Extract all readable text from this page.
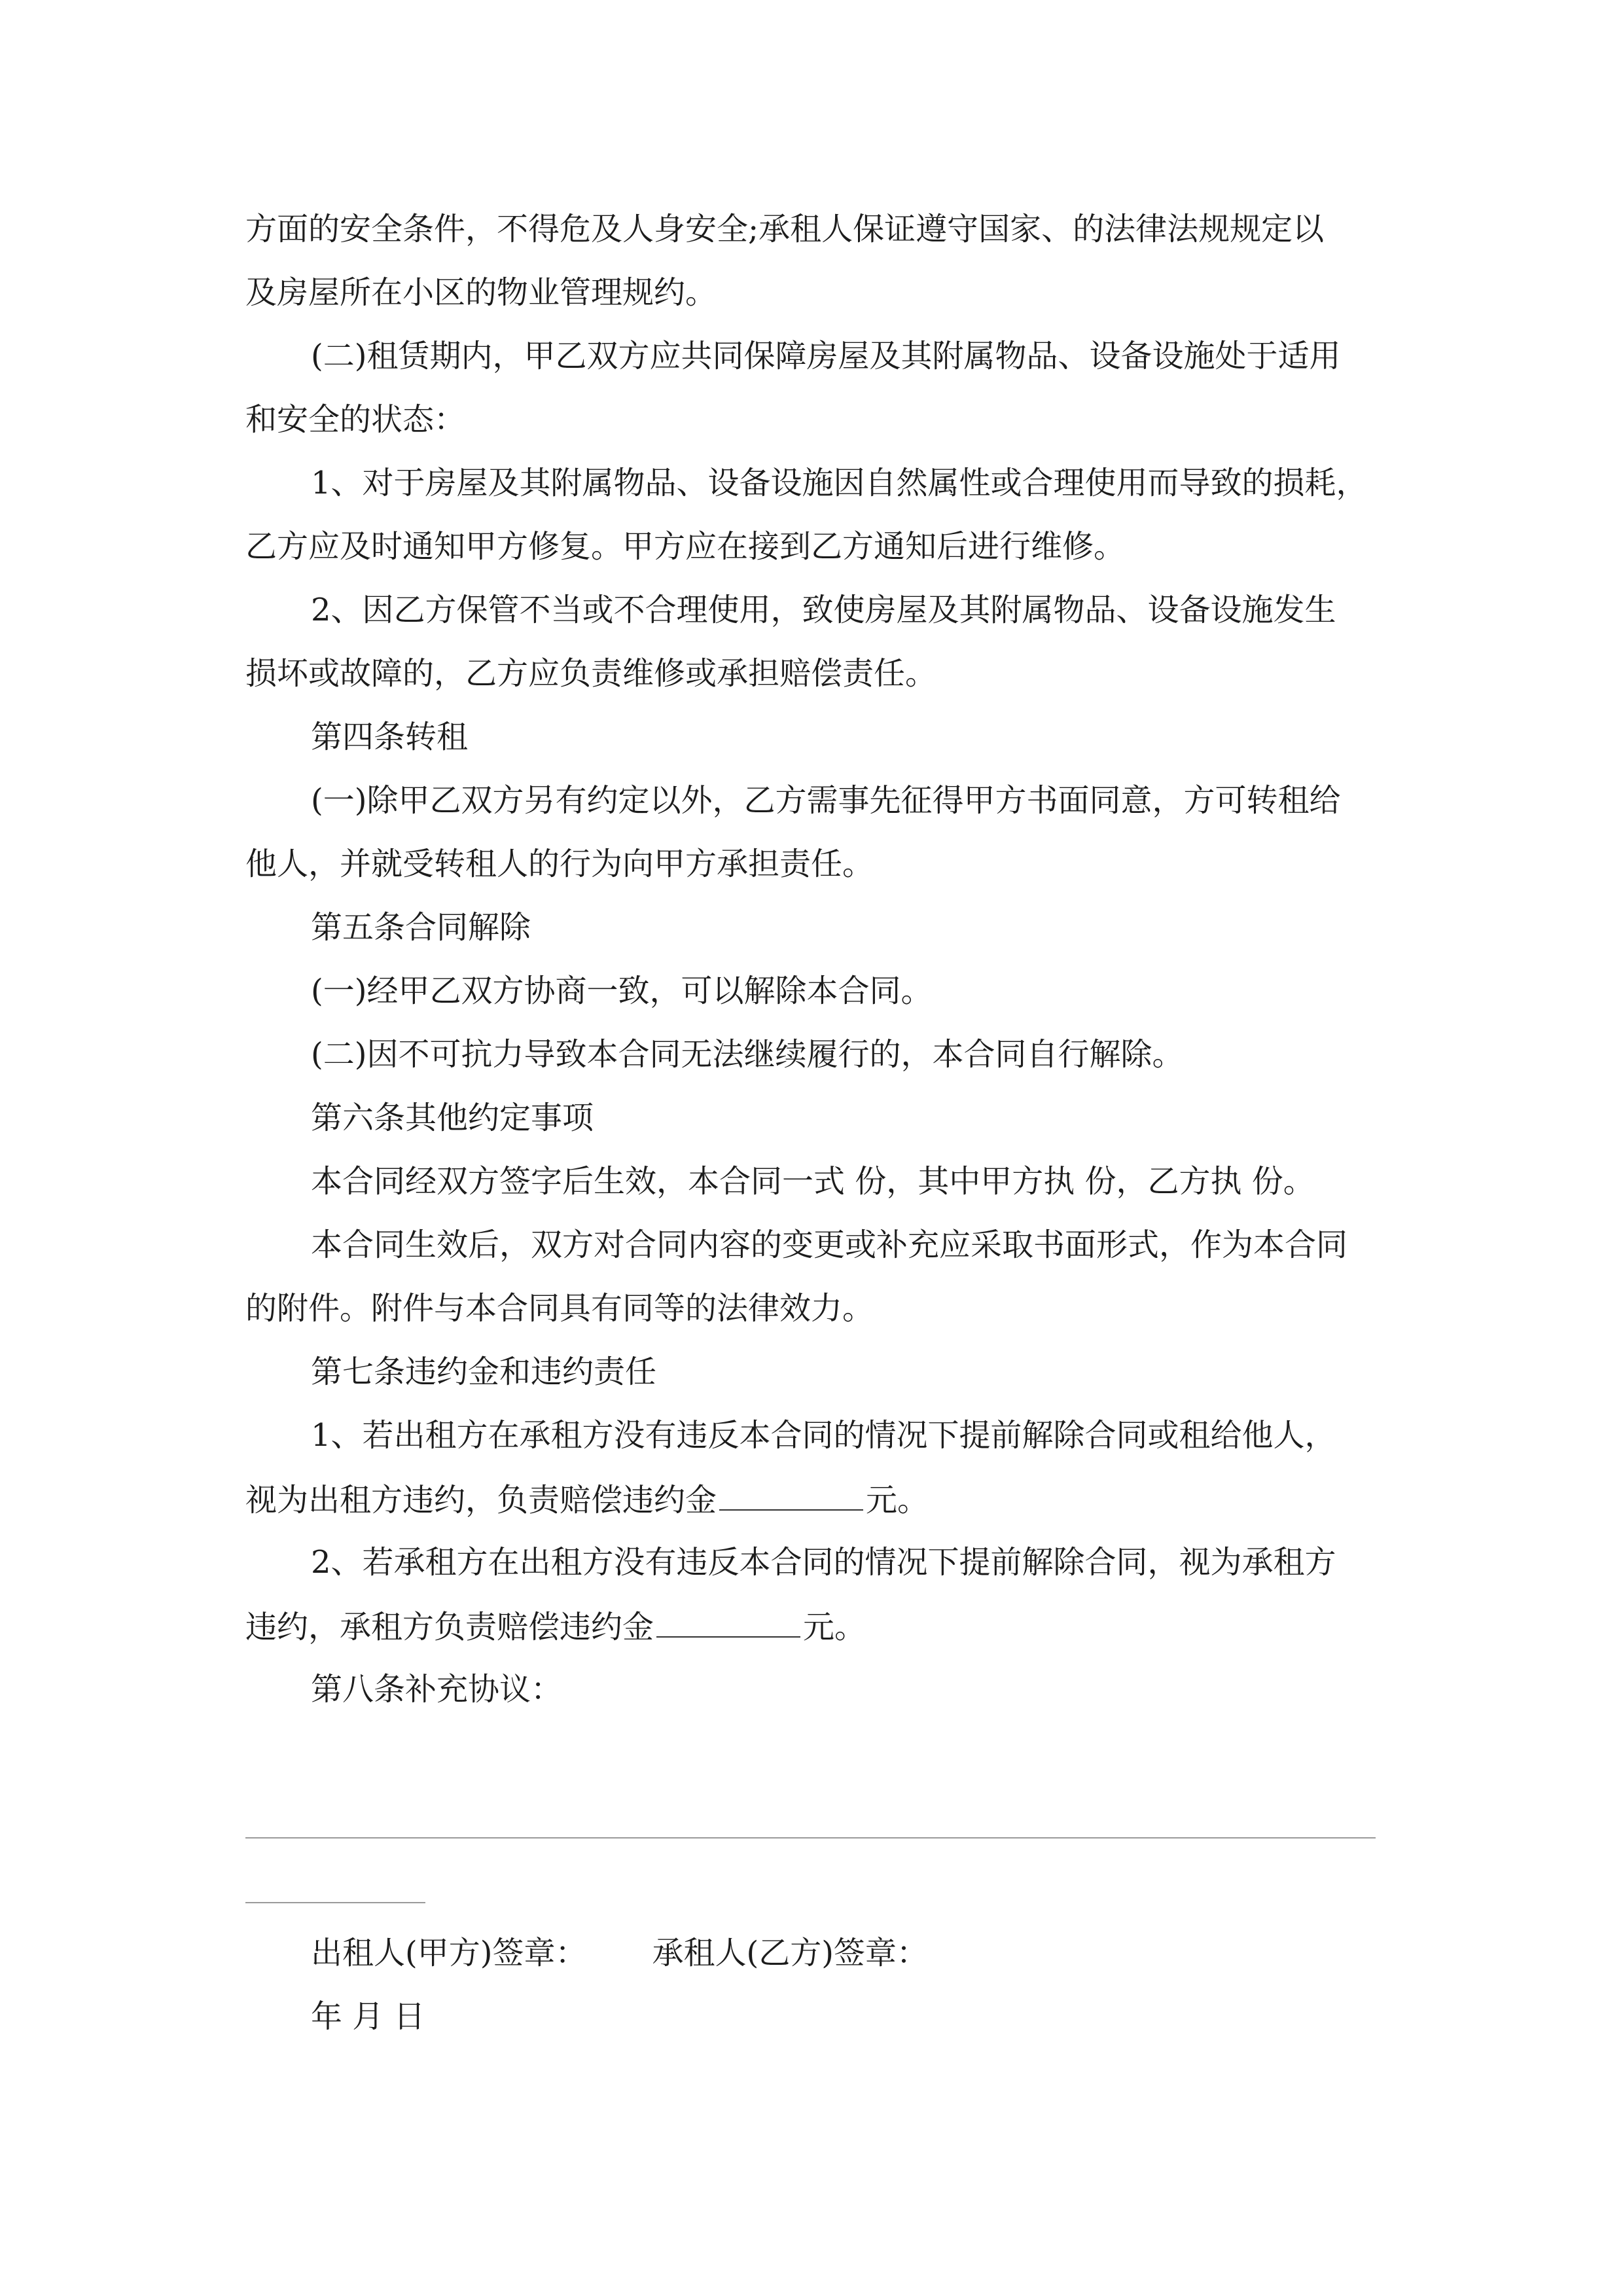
方面的安全条件，不得危及人身安全;承租人保证遵守国家、的法律法规规定以
及房屋所在小区的物业管理规约。
(二)租赁期内，甲乙双方应共同保障房屋及其附属物品、设备设施处于适用
和安全的状态：
1、对于房屋及其附属物品、设备设施因自然属性或合理使用而导致的损耗，
乙方应及时通知甲方修复。甲方应在接到乙方通知后进行维修。
2、因乙方保管不当或不合理使用，致使房屋及其附属物品、设备设施发生
损坏或故障的，乙方应负责维修或承担赔偿责任。
第四条转租
(一)除甲乙双方另有约定以外，乙方需事先征得甲方书面同意，方可转租给
他人，并就受转租人的行为向甲方承担责任。
第五条合同解除
(一)经甲乙双方协商一致，可以解除本合同。
(二)因不可抗力导致本合同无法继续履行的，本合同自行解除。
第六条其他约定事项
本合同经双方签字后生效，本合同一式 份，其中甲方执 份，乙方执 份。
本合同生效后，双方对合同内容的变更或补充应采取书面形式，作为本合同
的附件。附件与本合同具有同等的法律效力。
第七条违约金和违约责任
1、若出租方在承租方没有违反本合同的情况下提前解除合同或租给他人，
视为出租方违约，负责赔偿违约金	元。
2、若承租方在出租方没有违反本合同的情况下提前解除合同，视为承租方
违约，承租方负责赔偿违约金	元。
第八条补充协议：
出租人(甲方)签章： 承租人(乙方)签章：
年 月 日
